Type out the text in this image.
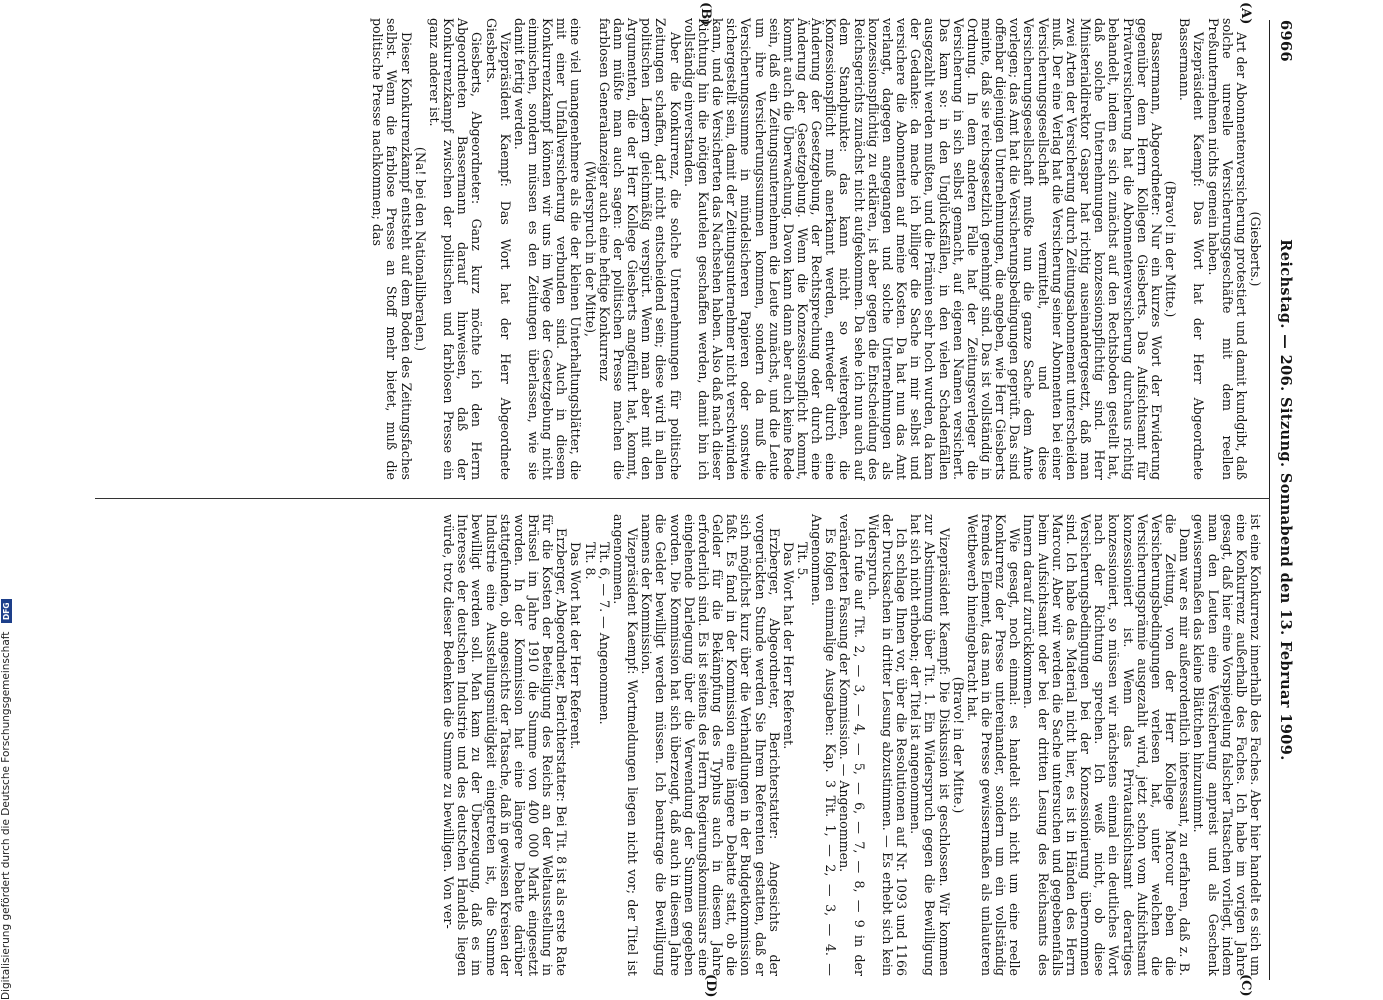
6966
Reichstag. — 206. Sitzung. Sonnabend den 13. Februar 1909.
(A)
(B)
(C)
(D)

(Giesberts.)

Art der Abonnentenversicherung protestiert und damit kundgibt, daß solche unreelle Versicherungsgeschäfte mit dem reellen Preßunternehmen nichts gemein haben.

Vizepräsident Kaempf: Das Wort hat der Herr Abgeordnete Bassermann.

(Bravo! in der Mitte.)

Bassermann, Abgeordneter: Nur ein kurzes Wort der Erwiderung gegenüber dem Herrn Kollegen Giesberts. Das Aufsichtsamt für Privatversicherung hat die Abonnentenversicherung durchaus richtig behandelt, indem es sich zunächst auf den Rechtsboden gestellt hat, daß solche Unternehmungen konzessionspflichtig sind. Herr Ministerialdirektor Gaspar hat richtig auseinandergesetzt, daß man zwei Arten der Versicherung durch Zeitungsabonnement unterscheiden muß. Der eine Verlag hat die Versicherung seiner Abonnenten bei einer Versicherungsgesellschaft vermittelt, und diese Versicherungsgesellschaft mußte nun die ganze Sache dem Amte vorlegen; das Amt hat die Versicherungsbedingungen geprüft. Das sind offenbar diejenigen Unternehmungen, die angeben, wie Herr Giesberts meinte, daß sie reichsgesetzlich genehmigt sind. Das ist vollständig in Ordnung. In dem anderen Falle hat der Zeitungsverleger die Versicherung in sich selbst gemacht, auf eigenen Namen versichert. Das kam so: in den Unglücksfällen, in den vielen Schadenfällen ausgezahlt werden mußten, und die Prämien sehr hoch wurden, da kam der Gedanke: da mache ich billiger die Sache in mir selbst und versichere die Abonnenten auf meine Kosten. Da hat nun das Amt verlangt, dagegen angegangen und solche Unternehmungen als konzessionspflichtig zu erklären, ist aber gegen die Entscheidung des Reichsgerichts zunächst nicht aufgekommen. Da sehe ich nun auch auf dem Standpunkte: das kann nicht so weitergehen, die Konzessionspflicht muß anerkannt werden, entweder durch eine Änderung der Gesetzgebung, der Rechtsprechung oder durch eine Änderung der Gesetzgebung. Wenn die Konzessionspflicht kommt, kommt auch die Überwachung. Davon kann dann aber auch keine Rede sein, daß ein Zeitungsunternehmen die Leute zunächst, und die Leute um ihre Versicherungssummen kommen, sondern da muß die Versicherungssumme in mündelsicheren Papieren oder sonstwie sichergestellt sein, damit der Zeitungsunternehmer nicht verschwinden kann, und die Versicherten das Nachsehen haben. Also daß nach dieser Richtung hin die nötigen Kautelen geschaffen werden, damit bin ich vollständig einverstanden.

Aber die Konkurrenz, die solche Unternehmungen für politische Zeitungen schaffen, darf nicht entscheidend sein; diese wird in allen politischen Lagern gleichmäßig verspürt. Wenn man aber mit den Argumenten, die der Herr Kollege Giesberts angeführt hat, kommt, dann müßte man auch sagen: der politischen Presse machen die farblosen Generalanzeiger auch eine heftige Konkurrenz

(Widerspruch in der Mitte),

eine viel unangenehmere als die der kleinen Unterhaltungsblätter, die mit einer Unfallversicherung verbunden sind. Auch in diesem Konkurrenzkampf können wir uns im Wege der Gesetzgebung nicht einmischen, sondern müssen es den Zeitungen überlassen, wie sie damit fertig werden.

Vizepräsident Kaempf: Das Wort hat der Herr Abgeordnete Giesberts.

Giesberts, Abgeordneter: Ganz kurz möchte ich den Herrn Abgeordneten Bassermann darauf hinweisen, daß der Konkurrenzkampf zwischen der politischen und farblosen Presse ein ganz anderer ist.

(Na! bei den Nationalliberalen.)

Dieser Konkurrenzkampf entsteht auf dem Boden des Zeitungsfaches selbst. Wenn die farblose Presse an Stoff mehr bietet, muß die politische Presse nachkommen; das

ist eine Konkurrenz innerhalb des Faches. Aber hier handelt es sich um eine Konkurrenz außerhalb des Faches. Ich habe im vorigen Jahre gesagt, daß hier eine Vorspiegelung falscher Tatsachen vorliegt, indem man den Leuten eine Versicherung anpreist und als Geschenk gewissermaßen das kleine Blättchen hinzunimmt.

Dann war es mir außerordentlich interessant, zu erfahren, daß z. B. die Zeitung, von der Herr Kollege Marcour eben die Versicherungsbedingungen verlesen hat, unter welchen die Versicherungsprämie ausgezahlt wird, jetzt schon vom Aufsichtsamt konzessioniert ist. Wenn das Privataufsichtsamt derartiges konzessioniert, so müssen wir nächstens einmal ein deutliches Wort nach der Richtung sprechen. Ich weiß nicht, ob diese Versicherungsbedingungen bei der Konzessionierung übernommen sind. Ich habe das Material nicht hier, es ist in Händen des Herrn Marcour. Aber wir werden die Sache untersuchen und gegebenenfalls beim Aufsichtsamt oder bei der dritten Lesung des Reichsamts des Innern darauf zurückkommen.

Wie gesagt, noch einmal: es handelt sich nicht um eine reelle Konkurrenz der Presse untereinander, sondern um ein vollständig fremdes Element, das man in die Presse gewissermaßen als unlauteren Wettbewerb hineingebracht hat.

(Bravo! in der Mitte.)

Vizepräsident Kaempf: Die Diskussion ist geschlossen. Wir kommen zur Abstimmung über Tit. 1. Ein Widerspruch gegen die Bewilligung hat sich nicht erhoben; der Titel ist angenommen.

Ich schlage Ihnen vor, über die Resolutionen auf Nr. 1093 und 1166 der Drucksachen in dritter Lesung abzustimmen. — Es erhebt sich kein Widerspruch.

Ich rufe auf Tit. 2, — 3, — 4, — 5, — 6, — 7, — 8, — 9 in der veränderten Fassung der Kommission. — Angenommen.

Es folgen einmalige Ausgaben: Kap. 3 Tit. 1, — 2, — 3, — 4. — Angenommen.

Tit. 5.

Das Wort hat der Herr Referent.

Erzberger, Abgeordneter, Berichterstatter: Angesichts der vorgerückten Stunde werden Sie Ihrem Referenten gestatten, daß er sich möglichst kurz über die Verhandlungen in der Budgetkommission faßt. Es fand in der Kommission eine längere Debatte statt, ob die Gelder für die Bekämpfung des Typhus auch in diesem Jahre erforderlich sind. Es ist seitens des Herrn Regierungskommissars eine eingehende Darlegung über die Verwendung der Summen gegeben worden. Die Kommission hat sich überzeugt, daß auch in diesem Jahre die Gelder bewilligt werden müssen. Ich beantrage die Bewilligung namens der Kommission.

Vizepräsident Kaempf: Wortmeldungen liegen nicht vor; der Titel ist angenommen.

Tit. 6, — 7. — Angenommen.

Tit. 8.

Das Wort hat der Herr Referent.

Erzberger, Abgeordneter, Berichterstatter: Bei Tit. 8 ist als erste Rate für die Kosten der Beteiligung des Reichs an der Weltausstellung in Brüssel im Jahre 1910 die Summe von 400 000 Mark eingesetzt worden. In der Kommission hat eine längere Debatte darüber stattgefunden, ob angesichts der Tatsache, daß in gewissen Kreisen der Industrie eine Ausstellungsmüdigkeit eingetreten ist, die Summe bewilligt werden soll. Man kam zu der Überzeugung, daß es im Interesse der deutschen Industrie und des deutschen Handels liegen würde, trotz dieser Bedenken die Summe zu bewilligen. Von ver-

Digitalisierung gefördert durch die Deutsche Forschungsgemeinschaft DFG
